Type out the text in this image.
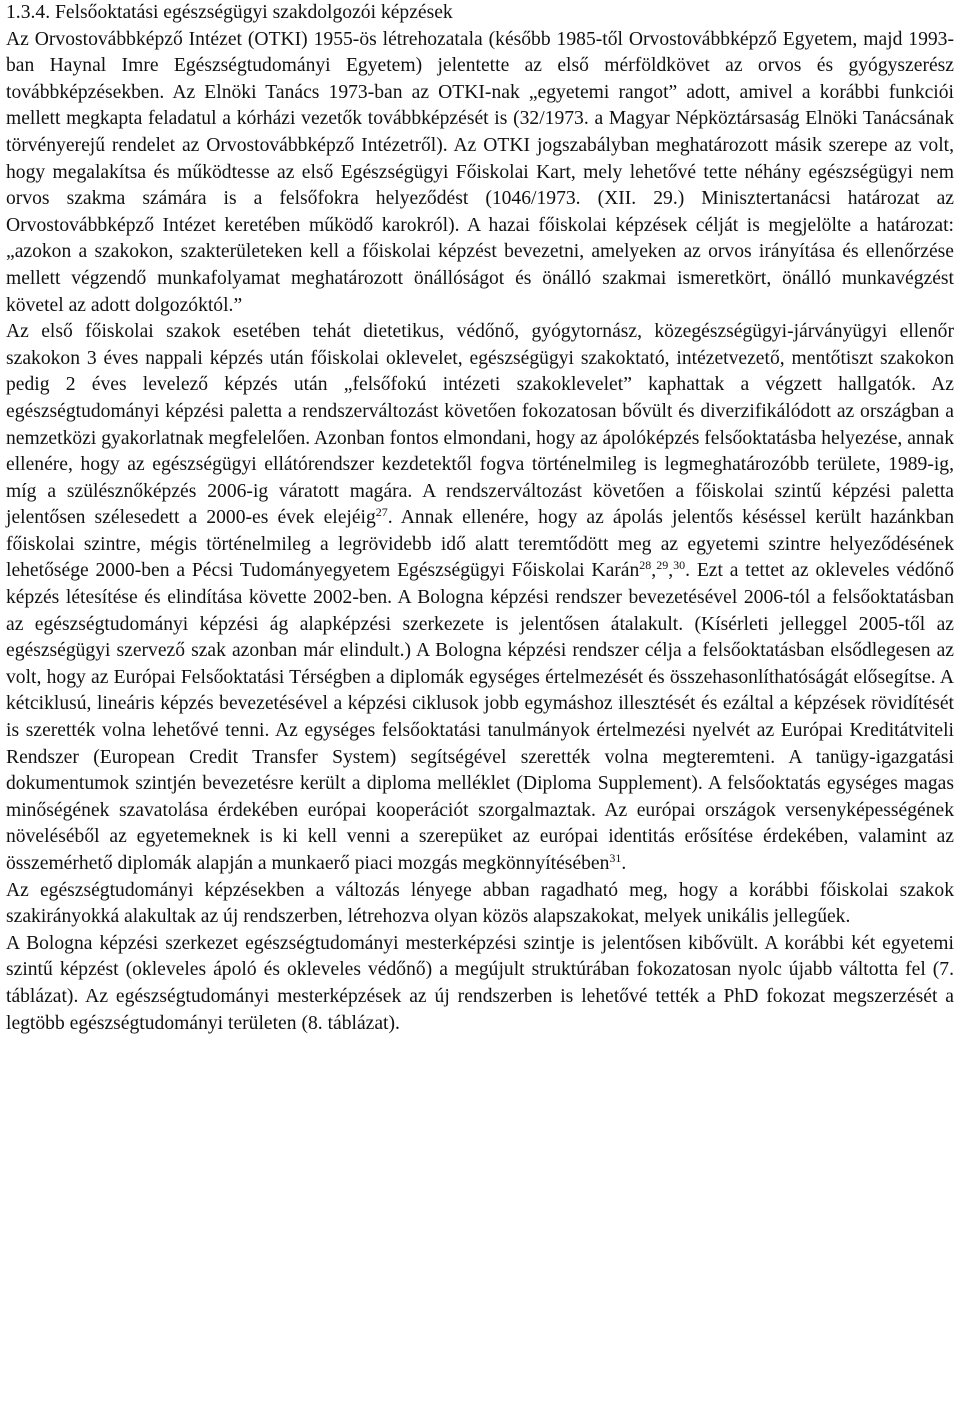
1.3.4. Felsőoktatási egészségügyi szakdolgozói képzések

Az Orvostovábbképző Intézet (OTKI) 1955-ös létrehozatala (később 1985-től Orvostovábbképző Egyetem, majd 1993-ban Haynal Imre Egészségtudományi Egyetem) jelentette az első mérföldkövet az orvos és gyógyszerész továbbképzésekben. Az Elnöki Tanács 1973-ban az OTKI-nak „egyetemi rangot” adott, amivel a korábbi funkciói mellett megkapta feladatul a kórházi vezetők továbbképzését is (32/1973. a Magyar Népköztársaság Elnöki Tanácsának törvényerejű rendelet az Orvostovábbképző Intézetről). Az OTKI jogszabályban meghatározott másik szerepe az volt, hogy megalakítsa és működtesse az első Egészségügyi Főiskolai Kart, mely lehetővé tette néhány egészségügyi nem orvos szakma számára is a felsőfokra helyeződést (1046/1973. (XII. 29.) Minisztertanácsi határozat az Orvostovábbképző Intézet keretében működő karokról). A hazai főiskolai képzések célját is megjelölte a határozat: „azokon a szakokon, szakterületeken kell a főiskolai képzést bevezetni, amelyeken az orvos irányítása és ellenőrzése mellett végzendő munkafolyamat meghatározott önállóságot és önálló szakmai ismeretkört, önálló munkavégzést követel az adott dolgozóktól.”

Az első főiskolai szakok esetében tehát dietetikus, védőnő, gyógytornász, közegészségügyi-járványügyi ellenőr szakokon 3 éves nappali képzés után főiskolai oklevelet, egészségügyi szakoktató, intézetvezető, mentőtiszt szakokon pedig 2 éves levelező képzés után „felsőfokú intézeti szakoklevelet” kaphattak a végzett hallgatók. Az egészségtudományi képzési paletta a rendszerváltozást követően fokozatosan bővült és diverzifikálódott az országban a nemzetközi gyakorlatnak megfelelően. Azonban fontos elmondani, hogy az ápolóképzés felsőoktatásba helyezése, annak ellenére, hogy az egészségügyi ellátórendszer kezdetektől fogva történelmileg is legmeghatározóbb területe, 1989-ig, míg a szülésznőképzés 2006-ig váratott magára. A rendszerváltozást követően a főiskolai szintű képzési paletta jelentősen szélesedett a 2000-es évek elejéig$^{27}$. Annak ellenére, hogy az ápolás jelentős késéssel került hazánkban főiskolai szintre, mégis történelmileg a legrövidebb idő alatt teremtődött meg az egyetemi szintre helyeződésének lehetősége 2000-ben a Pécsi Tudományegyetem Egészségügyi Főiskolai Karán$^{28}$,$^{29}$,$^{30}$. Ezt a tettet az okleveles védőnő képzés létesítése és elindítása követte 2002-ben. A Bologna képzési rendszer bevezetésével 2006-tól a felsőoktatásban az egészségtudományi képzési ág alapképzési szerkezete is jelentősen átalakult. (Kísérleti jelleggel 2005-től az egészségügyi szervező szak azonban már elindult.) A Bologna képzési rendszer célja a felsőoktatásban elsődlegesen az volt, hogy az Európai Felsőoktatási Térségben a diplomák egységes értelmezését és összehasonlíthatóságát elősegítse. A kétciklusú, lineáris képzés bevezetésével a képzési ciklusok jobb egymáshoz illesztését és ezáltal a képzések rövidítését is szerették volna lehetővé tenni. Az egységes felsőoktatási tanulmányok értelmezési nyelvét az Európai Kreditátviteli Rendszer (European Credit Transfer System) segítségével szerették volna megteremteni. A tanügy-igazgatási dokumentumok szintjén bevezetésre került a diploma melléklet (Diploma Supplement). A felsőoktatás egységes magas minőségének szavatolása érdekében európai kooperációt szorgalmaztak. Az európai országok versenyképességének növeléséből az egyetemeknek is ki kell venni a szerepüket az európai identitás erősítése érdekében, valamint az összemérhető diplomák alapján a munkaerő piaci mozgás megkönnyítésében$^{31}$.

Az egészségtudományi képzésekben a változás lényege abban ragadható meg, hogy a korábbi főiskolai szakok szakirányokká alakultak az új rendszerben, létrehozva olyan közös alapszakokat, melyek unikális jellegűek.

A Bologna képzési szerkezet egészségtudományi mesterképzési szintje is jelentősen kibővült. A korábbi két egyetemi szintű képzést (okleveles ápoló és okleveles védőnő) a megújult struktúrában fokozatosan nyolc újabb váltotta fel (7. táblázat). Az egészségtudományi mesterképzések az új rendszerben is lehetővé tették a PhD fokozat megszerzését a legtöbb egészségtudományi területen (8. táblázat).
